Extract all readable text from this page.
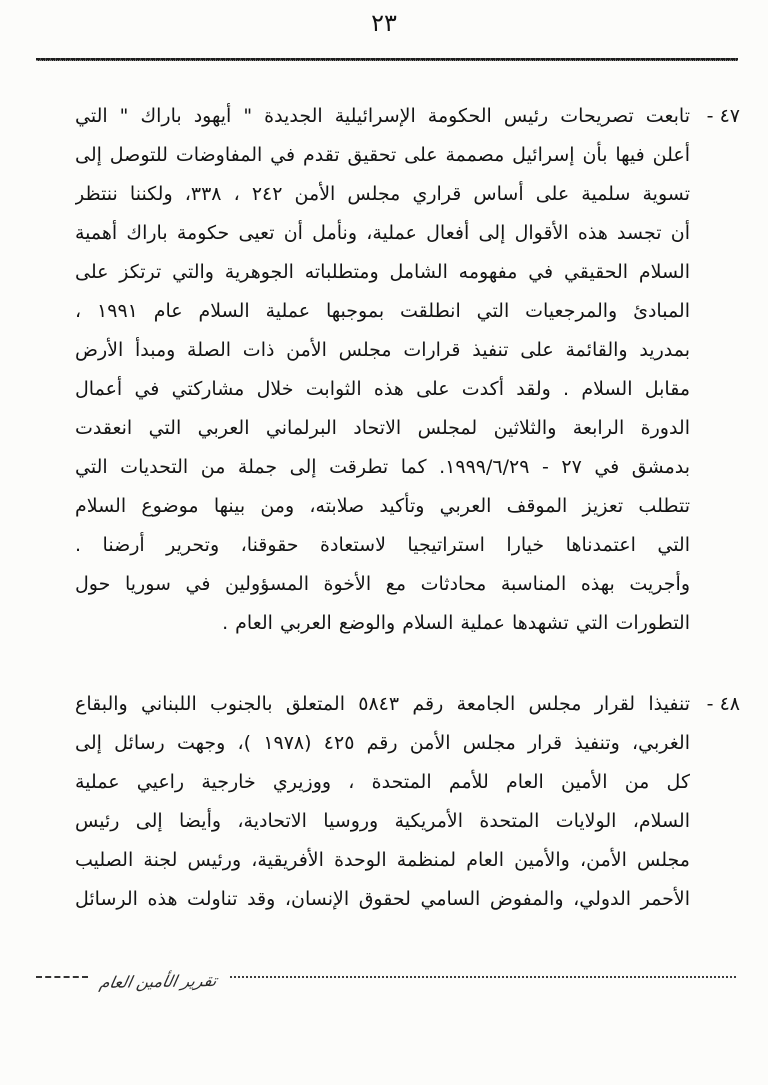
٢٣
٤٧ -
تابعت تصريحات رئيس الحكومة الإسرائيلية الجديدة " أيهود باراك " التي
أعلن فيها بأن إسرائيل مصممة على تحقيق تقدم في المفاوضات للتوصل إلى
تسوية سلمية على أساس قراري مجلس الأمن ٢٤٢ ، ٣٣٨، ولكننا ننتظر
أن تجسد هذه الأقوال إلى أفعال عملية، ونأمل أن تعيى حكومة باراك أهمية
السلام الحقيقي في مفهومه الشامل ومتطلباته الجوهرية والتي ترتكز على
المبادئ والمرجعيات التي انطلقت بموجبها عملية السلام عام ١٩٩١ ،
بمدريد والقائمة على تنفيذ قرارات مجلس الأمن ذات الصلة ومبدأ الأرض
مقابل السلام . ولقد أكدت على هذه الثوابت خلال مشاركتي في أعمال
الدورة الرابعة والثلاثين لمجلس الاتحاد البرلماني العربي التي انعقدت
بدمشق في ٢٧ - ١٩٩٩/٦/٢٩. كما تطرقت إلى جملة من التحديات التي
تتطلب تعزيز الموقف العربي وتأكيد صلابته، ومن بينها موضوع السلام
التي اعتمدناها خيارا استراتيجيا لاستعادة حقوقنا، وتحرير أرضنا .
وأجريت بهذه المناسبة محادثات مع الأخوة المسؤولين في سوريا حول
التطورات التي تشهدها عملية السلام والوضع العربي العام .
٤٨ -
تنفيذا لقرار مجلس الجامعة رقم ٥٨٤٣ المتعلق بالجنوب اللبناني والبقاع
الغربي، وتنفيذ قرار مجلس الأمن رقم ٤٢٥ (١٩٧٨ )، وجهت رسائل إلى
كل من الأمين العام للأمم المتحدة ، ووزيري خارجية راعيي عملية
السلام، الولايات المتحدة الأمريكية وروسيا الاتحادية، وأيضا إلى رئيس
مجلس الأمن، والأمين العام لمنظمة الوحدة الأفريقية، ورئيس لجنة الصليب
الأحمر الدولي، والمفوض السامي لحقوق الإنسان، وقد تناولت هذه الرسائل
تقرير الأمين العام
